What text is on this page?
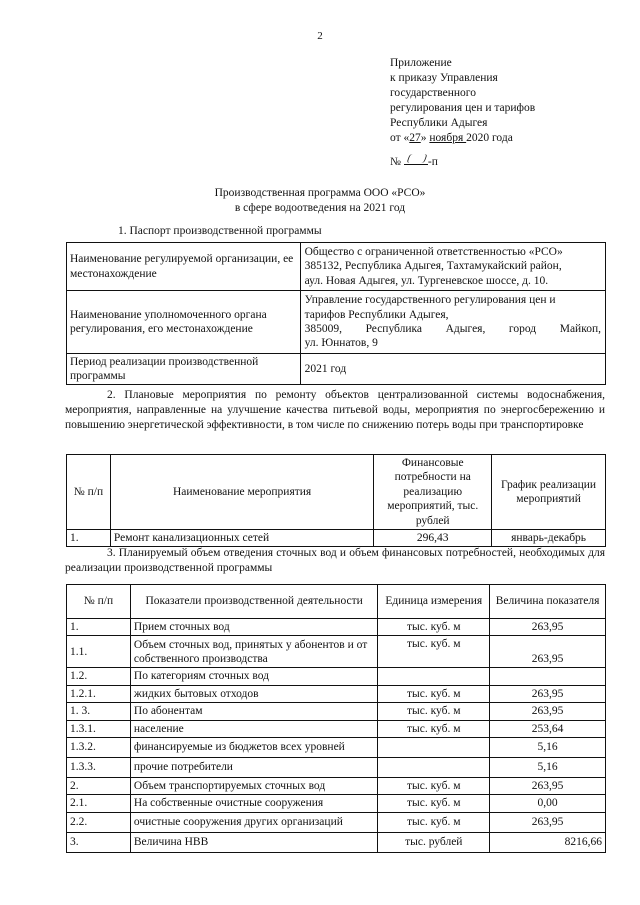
2
Приложение
к приказу Управления
государственного
регулирования цен и тарифов
Республики Адыгея
от «27» ноября 2020 года
№ -п
Производственная программа ООО «РСО»
в сфере водоотведения на 2021 год
1. Паспорт производственной программы
Наименование регулируемой организации, ее местонахождение	Общество с ограниченной ответственностью «РСО»
385132, Республика Адыгея, Тахтамукайский район,
аул. Новая Адыгея, ул. Тургеневское шоссе, д. 10.

Наименование уполномоченного органа регулирования, его местонахождение	Управление государственного регулирования цен и
тарифов Республики Адыгея,
385009, Республика Адыгея, город Майкоп,
ул. Юннатов, 9

Период реализации производственной программы	2021 год
2. Плановые мероприятия по ремонту объектов централизованной системы водоснабжения, мероприятия, направленные на улучшение качества питьевой воды, мероприятия по энергосбережению и повышению энергетической эффективности, в том числе по снижению потерь воды при транспортировке
№ п/п	Наименование мероприятия	Финансовые потребности на реализацию мероприятий, тыс. рублей	График реализации мероприятий
1.	Ремонт канализационных сетей	296,43	январь-декабрь
3. Планируемый объем отведения сточных вод и объем финансовых потребностей, необходимых для реализации производственной программы
№ п/п	Показатели производственной деятельности	Единица измерения	Величина показателя
1.	Прием сточных вод	тыс. куб. м	263,95
1.1.	Объем сточных вод, принятых у абонентов и от собственного производства	тыс. куб. м	263,95
1.2.	По категориям сточных вод		
1.2.1.	жидких бытовых отходов	тыс. куб. м	263,95
1. 3.	По абонентам	тыс. куб. м	263,95
1.3.1.	население	тыс. куб. м	253,64
1.3.2.	финансируемые из бюджетов всех уровней		5,16
1.3.3.	прочие потребители		5,16
2.	Объем транспортируемых сточных вод	тыс. куб. м	263,95
2.1.	На собственные очистные сооружения	тыс. куб. м	0,00
2.2.	очистные сооружения других организаций	тыс. куб. м	263,95
3.	Величина НВВ	тыс. рублей	8216,66
